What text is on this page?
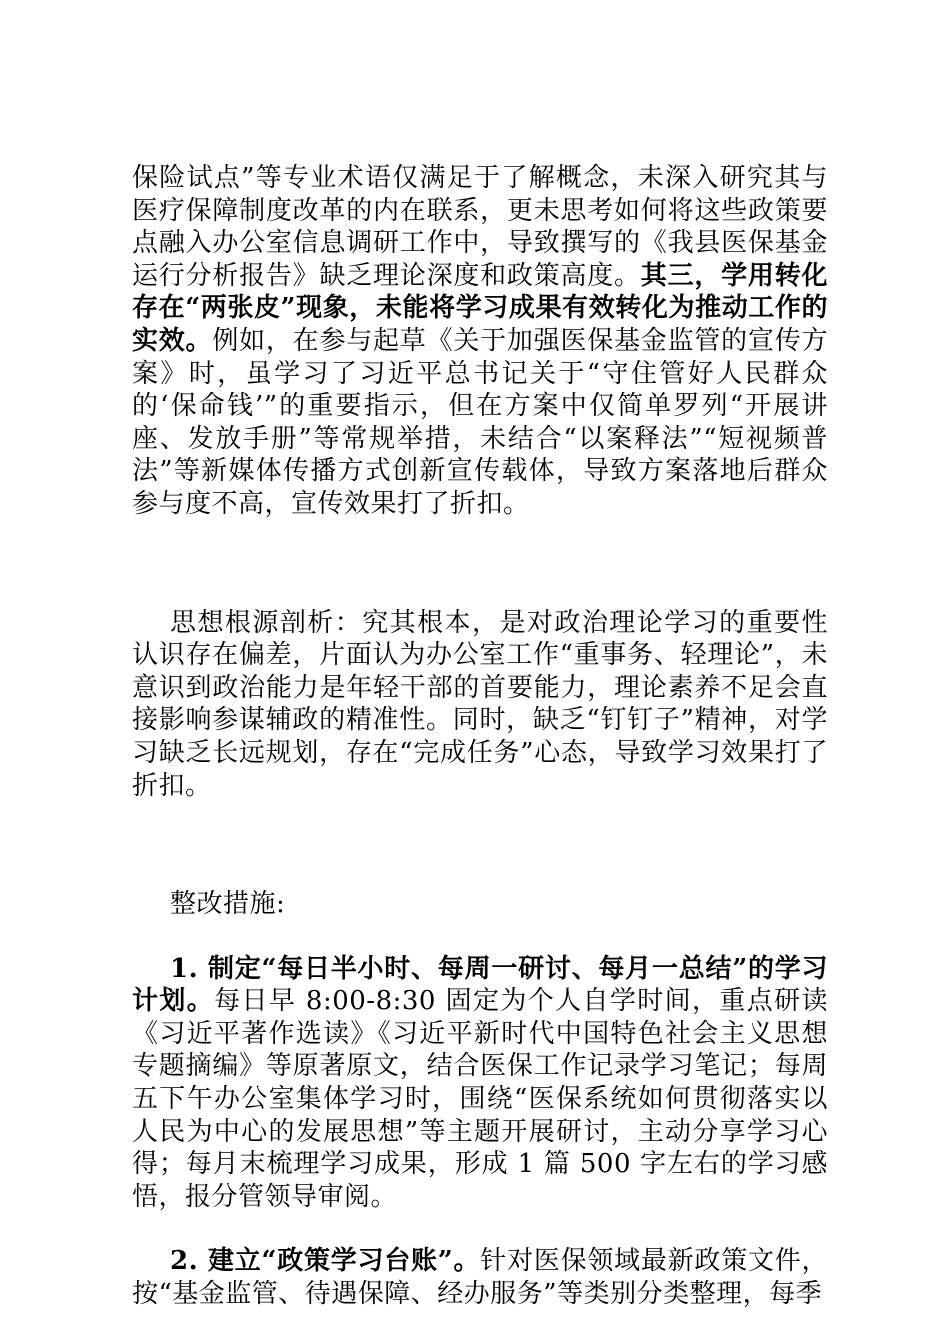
保险试点”等专业术语仅满足于了解概念，未深入研究其与医疗保障制度改革的内在联系，更未思考如何将这些政策要点融入办公室信息调研工作中，导致撰写的《我县医保基金运行分析报告》缺乏理论深度和政策高度。其三，学用转化存在“两张皮”现象，未能将学习成果有效转化为推动工作的实效。例如，在参与起草《关于加强医保基金监管的宣传方案》时，虽学习了习近平总书记关于“守住管好人民群众的‘保命钱’”的重要指示，但在方案中仅简单罗列“开展讲座、发放手册”等常规举措，未结合“以案释法”“短视频普法”等新媒体传播方式创新宣传载体，导致方案落地后群众参与度不高，宣传效果打了折扣。

思想根源剖析：究其根本，是对政治理论学习的重要性认识存在偏差，片面认为办公室工作“重事务、轻理论”，未意识到政治能力是年轻干部的首要能力，理论素养不足会直接影响参谋辅政的精准性。同时，缺乏“钉钉子”精神，对学习缺乏长远规划，存在“完成任务”心态，导致学习效果打了折扣。

整改措施:

1. 制定“每日半小时、每周一研讨、每月一总结”的学习计划。每日早 8:00-8:30 固定为个人自学时间，重点研读《习近平著作选读》《习近平新时代中国特色社会主义思想专题摘编》等原著原文，结合医保工作记录学习笔记；每周五下午办公室集体学习时，围绕“医保系统如何贯彻落实以人民为中心的发展思想”等主题开展研讨，主动分享学习心得；每月末梳理学习成果，形成 1 篇 500 字左右的学习感悟，报分管领导审阅。

2. 建立“政策学习台账”。针对医保领域最新政策文件，按“基金监管、待遇保障、经办服务”等类别分类整理，每季
